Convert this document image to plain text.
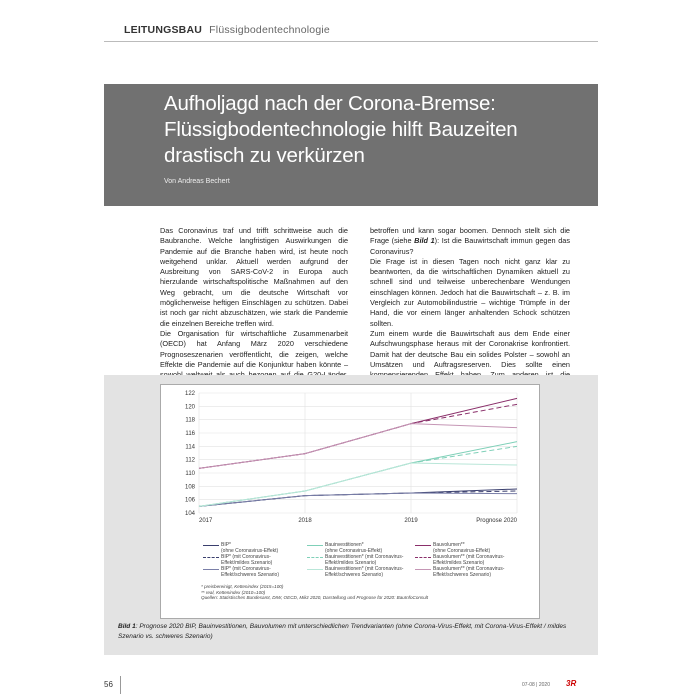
LEITUNGSBAU Flüssigbodentechnologie
Aufholjagd nach der Corona-Bremse: Flüssigbodentechnologie hilft Bauzeiten drastisch zu verkürzen
Von Andreas Bechert

Das Coronavirus traf und trifft schrittweise auch die Baubranche. Welche langfristigen Auswirkungen die Pandemie auf die Branche haben wird, ist heute noch weitgehend unklar. Aktuell werden aufgrund der Ausbreitung von SARS-CoV-2 in Europa auch hierzulande wirtschaftspolitische Maßnahmen auf den Weg gebracht, um die deutsche Wirtschaft vor möglicherweise heftigen Einschlägen zu schützen. Dabei ist noch gar nicht abzuschätzen, wie stark die Pandemie die einzelnen Bereiche treffen wird.

Die Organisation für wirtschaftliche Zusammenarbeit (OECD) hat Anfang März 2020 verschiedene Prognoseszenarien veröffentlicht, die zeigen, welche Effekte die Pandemie auf die Konjunktur haben könnte –

betroffen und kann sogar boomen. Dennoch stellt sich die Frage (siehe Bild 1): Ist die Bauwirtschaft immun gegen das Coronavirus?

Die Frage ist in diesen Tagen noch nicht ganz klar zu beantworten, da die wirtschaftlichen Dynamiken aktuell zu schnell sind und teilweise unberechenbare Wendungen einschlagen können. Jedoch hat die Bauwirtschaft – z. B. im Vergleich zur Automobilindustrie – wichtige Trümpfe in der Hand, die vor einem länger anhaltenden Schock schützen sollten.

Zum einem wurde die Bauwirtschaft aus dem Ende einer Aufschwungsphase heraus mit der Coronakrise konfrontiert. Damit hat der deutsche Bau ein solides Polster – sowohl an Umsätzen und Auftragsreserven. Dies sollte einen

104
106
108
110
112
114
116
118
120
122
2017	2018	2019	Prognose 2020
BIP*
(ohne Coronavirus-Effekt)
Bauinvestitionen*
(ohne Coronavirus-Effekt)
Bauvolumen**
(ohne Coronavirus-Effekt)
BIP* (mit Coronavirus-
Effekt/mildes Szenario)
Bauinvestitionen* (mit Coronavirus-
Effekt/mildes Szenario)
Bauvolumen** (mit Coronavirus-
Effekt/mildes Szenario)
BIP* (mit Coronavirus-
Effekt/schweres Szenario)
Bauinvestitionen* (mit Coronavirus-
Effekt/schweres Szenario)
Bauvolumen** (mit Coronavirus-
Effekt/schweres Szenario)
* preisbereinigt, Kettenindex (2015=100)
** real, Kettenindex (2010=100)
Quellen: Statistisches Bundesamt, DIW, OECD, Mikz 2020, Darstellung und Prognose für 2020: BauInfoConsult
Bild 1: Prognose 2020 BIP, Bauinvestitionen, Bauvolumen mit unterschiedlichen Trendvarianten (ohne Corona-Virus-Effekt, mit Corona-Virus-Effekt / mildes Szenario vs. schweres Szenario)
56	07-08 | 2020 3R
